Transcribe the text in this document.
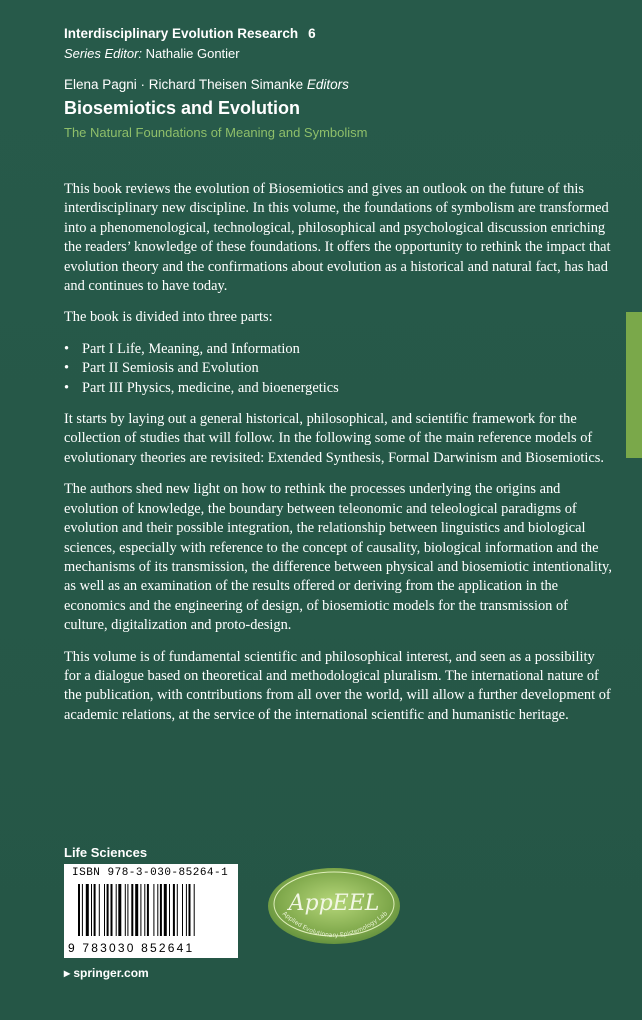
Interdisciplinary Evolution Research 6
Series Editor: Nathalie Gontier
Elena Pagni · Richard Theisen Simanke Editors
Biosemiotics and Evolution
The Natural Foundations of Meaning and Symbolism

This book reviews the evolution of Biosemiotics and gives an outlook on the future of this interdisciplinary new discipline. In this volume, the foundations of symbolism are transformed into a phenomenological, technological, philosophical and psychological discussion enriching the readers’ knowledge of these foundations. It offers the opportunity to rethink the impact that evolution theory and the confirmations about evolution as a historical and natural fact, has had and continues to have today.

The book is divided into three parts:

• Part I Life, Meaning, and Information
• Part II Semiosis and Evolution
• Part III Physics, medicine, and bioenergetics

It starts by laying out a general historical, philosophical, and scientific framework for the collection of studies that will follow. In the following some of the main reference models of evolutionary theories are revisited: Extended Synthesis, Formal Darwinism and Biosemiotics.

The authors shed new light on how to rethink the processes underlying the origins and evolution of knowledge, the boundary between teleonomic and teleological paradigms of evolution and their possible integration, the relationship between linguistics and biological sciences, especially with reference to the concept of causality, biological information and the mechanisms of its transmission, the difference between physical and biosemiotic intentionality, as well as an examination of the results offered or deriving from the application in the economics and the engineering of design, of biosemiotic models for the transmission of culture, digitalization and proto-design.

This volume is of fundamental scientific and philosophical interest, and seen as a possibility for a dialogue based on theoretical and methodological pluralism. The international nature of the publication, with contributions from all over the world, will allow a further development of academic relations, at the service of the international scientific and humanistic heritage.

Life Sciences
ISBN 978-3-030-85264-1
9 783030 852641
▸ springer.com
AppEEL
Applied Evolutionary Epistemology Lab
